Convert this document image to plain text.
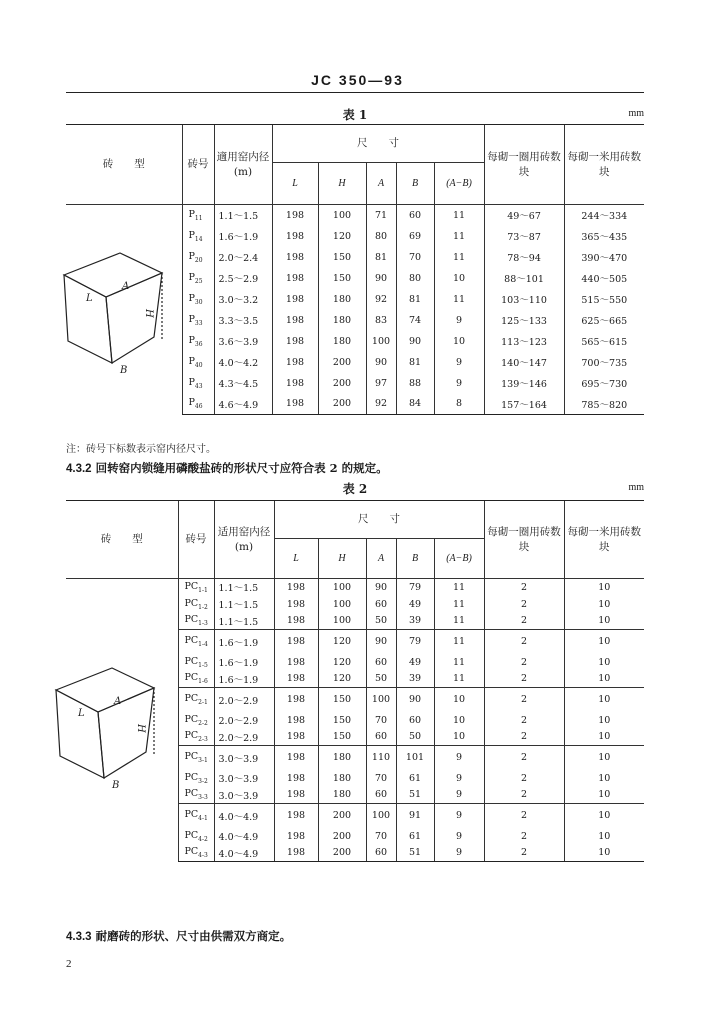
JC 350—93
表 1	mm
砖　　型	砖号	適用窑内径(m)	尺　　寸					每砌一圈用砖数块	每砌一米用砖数块
			L	H	A	B	(A−B)		
	$P_{11}$	1.1～1.5	198	100	71	60	11	49～67	244～334
	$P_{14}$	1.6～1.9	198	120	80	69	11	73～87	365～435
	$P_{20}$	2.0～2.4	198	150	81	70	11	78～94	390～470
	$P_{25}$	2.5～2.9	198	150	90	80	10	88～101	440～505
	$P_{30}$	3.0～3.2	198	180	92	81	11	103～110	515～550
	$P_{33}$	3.3～3.5	198	180	83	74	9	125～133	625～665
	$P_{36}$	3.6～3.9	198	180	100	90	10	113～123	565～615
	$P_{40}$	4.0～4.2	198	200	90	81	9	140～147	700～735
	$P_{43}$	4.3～4.5	198	200	97	88	9	139～146	695～730
	$P_{46}$	4.6～4.9	198	200	92	84	8	157～164	785～820
注：砖号下标数表示窑内径尺寸。
4.3.2 回转窑内锁缝用磷酸盐砖的形状尺寸应符合表 2 的规定。
表 2	mm
砖　　型	砖号	适用窑内径(m)	尺　　寸					每砌一圈用砖数块	每砌一米用砖数块
			L	H	A	B	(A−B)		
	$PC_{1-1}$	1.1～1.5	198	100	90	79	11	2	10
	$PC_{1-2}$	1.1～1.5	198	100	60	49	11	2	10
	$PC_{1-3}$	1.1～1.5	198	100	50	39	11	2	10
	$PC_{1-4}$	1.6～1.9	198	120	90	79	11	2	10
	$PC_{1-5}$	1.6～1.9	198	120	60	49	11	2	10
	$PC_{1-6}$	1.6～1.9	198	120	50	39	11	2	10
	$PC_{2-1}$	2.0～2.9	198	150	100	90	10	2	10
	$PC_{2-2}$	2.0～2.9	198	150	70	60	10	2	10
	$PC_{2-3}$	2.0～2.9	198	150	60	50	10	2	10
	$PC_{3-1}$	3.0～3.9	198	180	110	101	9	2	10
	$PC_{3-2}$	3.0～3.9	198	180	70	61	9	2	10
	$PC_{3-3}$	3.0～3.9	198	180	60	51	9	2	10
	$PC_{4-1}$	4.0～4.9	198	200	100	91	9	2	10
	$PC_{4-2}$	4.0～4.9	198	200	70	61	9	2	10
	$PC_{4-3}$	4.0～4.9	198	200	60	51	9	2	10
L
A
H
B
L
A
H
B
4.3.3 耐磨砖的形状、尺寸由供需双方商定。
2
